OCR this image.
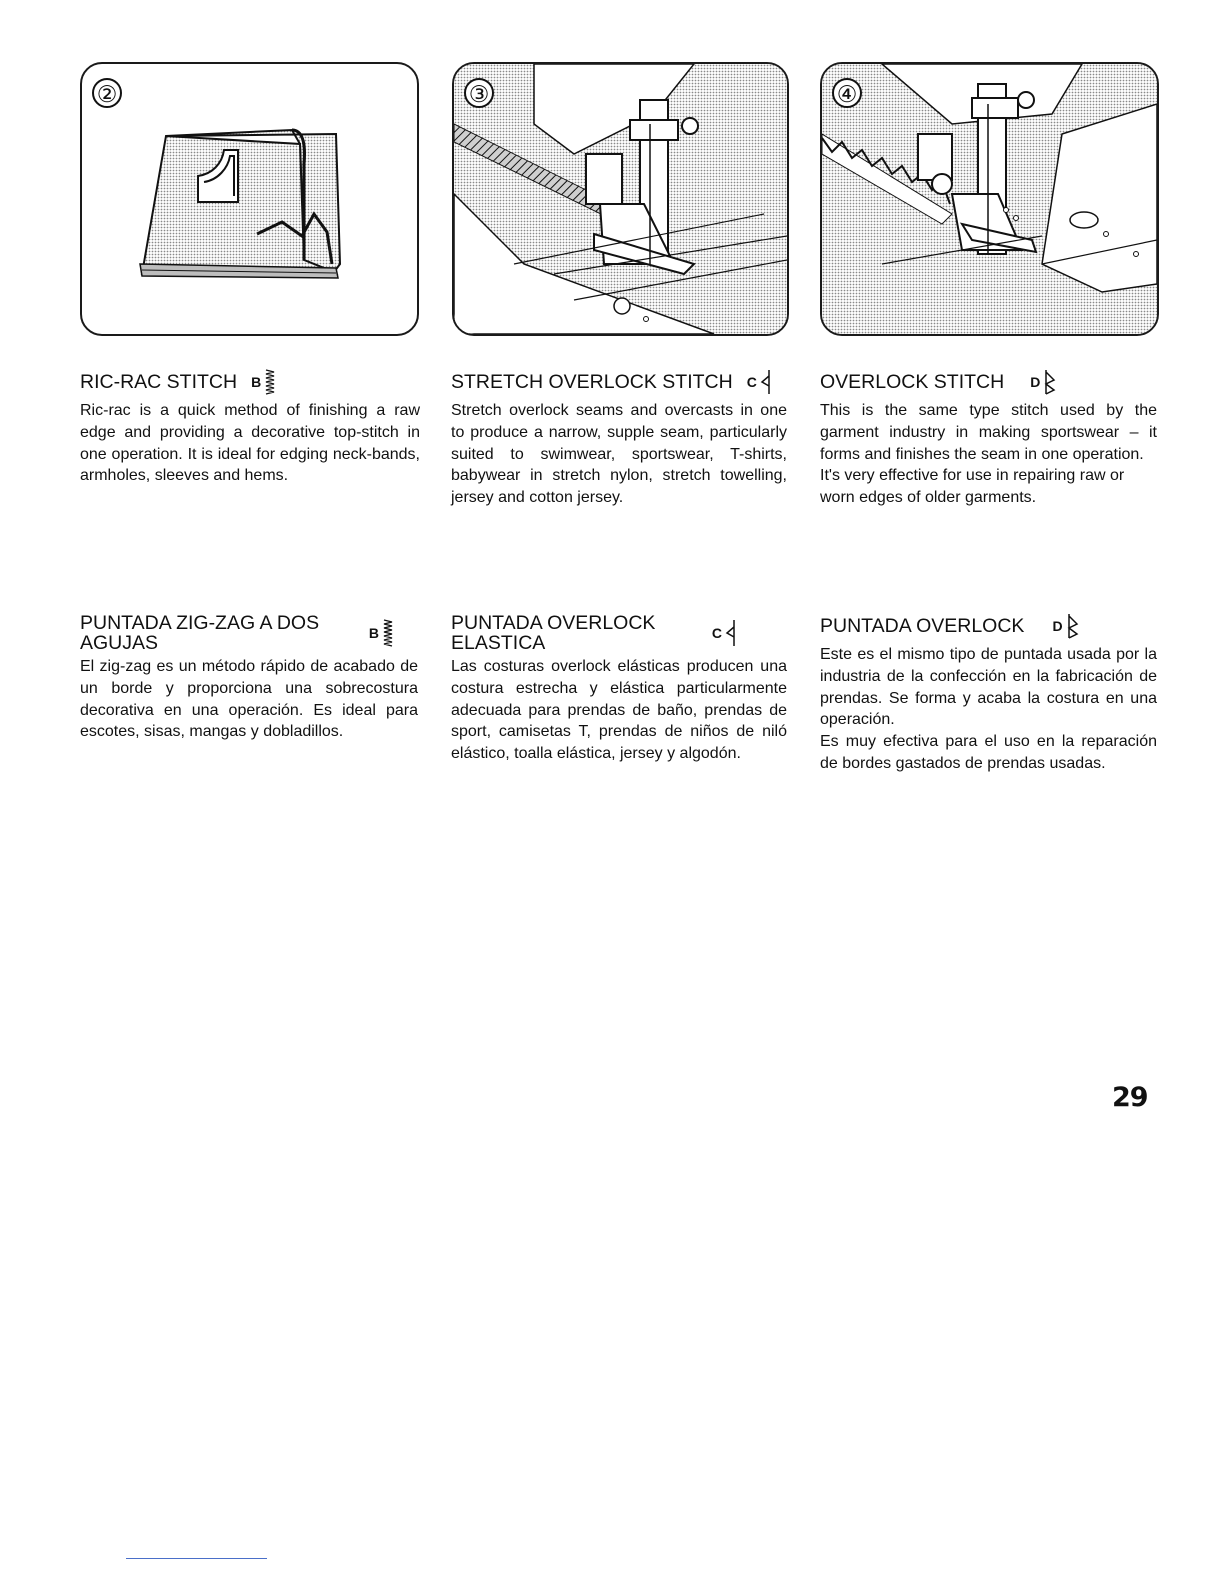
②	③	④
RIC-RAC STITCH B

Ric-rac is a quick method of finishing a raw edge and providing a decorative top-stitch in one operation. It is ideal for edging neck-bands, armholes, sleeves and hems.

STRETCH OVERLOCK STITCH C

Stretch overlock seams and overcasts in one to produce a narrow, supple seam, particularly suited to swimwear, sportswear, T-shirts, babywear in stretch nylon, stretch towelling, jersey and cotton jersey.

OVERLOCK STITCH D

This is the same type stitch used by the garment industry in making sportswear – it forms and finishes the seam in one operation.

It's very effective for use in repairing raw or worn edges of older garments.

PUNTADA ZIG-ZAG A DOS
AGUJAS	B

El zig-zag es un método rápido de acabado de un borde y proporciona una sobrecostura decorativa en una operación. Es ideal para escotes, sisas, mangas y dobladillos.

PUNTADA OVERLOCK
ELASTICA	C

Las costuras overlock elásticas producen una costura estrecha y elástica particularmente adecuada para prendas de baño, prendas de sport, camisetas T, prendas de niños de niló elástico, toalla elástica, jersey y algodón.

PUNTADA OVERLOCK D

Este es el mismo tipo de puntada usada por la industria de la confección en la fabricación de prendas. Se forma y acaba la costura en una operación.

Es muy efectiva para el uso en la reparación de bordes gastados de prendas usadas.

29
